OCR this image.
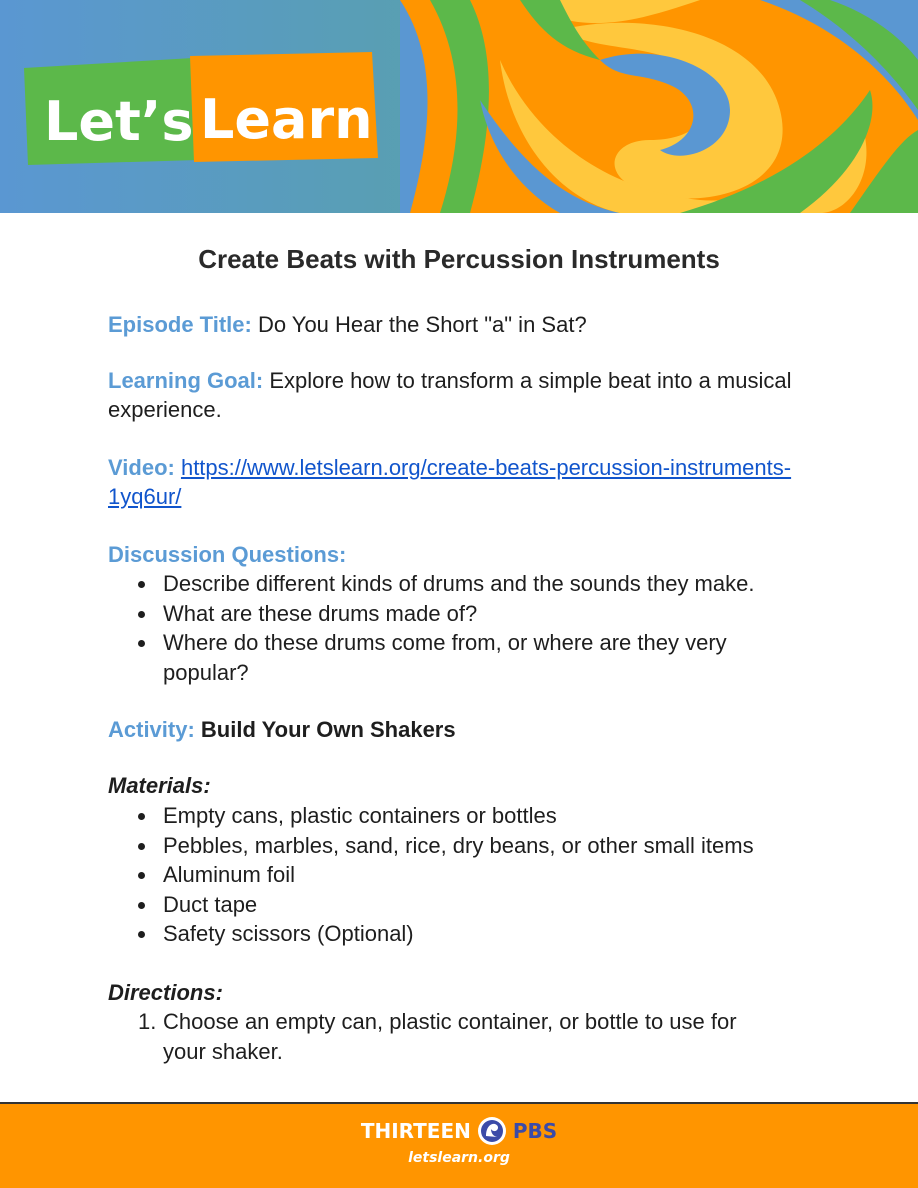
Let’s Learn
Create Beats with Percussion Instruments
Episode Title: Do You Hear the Short "a" in Sat?
Learning Goal: Explore how to transform a simple beat into a musical experience.
Video: https://www.letslearn.org/create-beats-percussion-instruments-1yq6ur/
Discussion Questions:
Describe different kinds of drums and the sounds they make.
What are these drums made of?
Where do these drums come from, or where are they very popular?
Activity: Build Your Own Shakers
Materials:
Empty cans, plastic containers or bottles
Pebbles, marbles, sand, rice, dry beans, or other small items
Aluminum foil
Duct tape
Safety scissors (Optional)
Directions:
1. Choose an empty can, plastic container, or bottle to use for your shaker.
THIRTEEN PBS
letslearn.org
